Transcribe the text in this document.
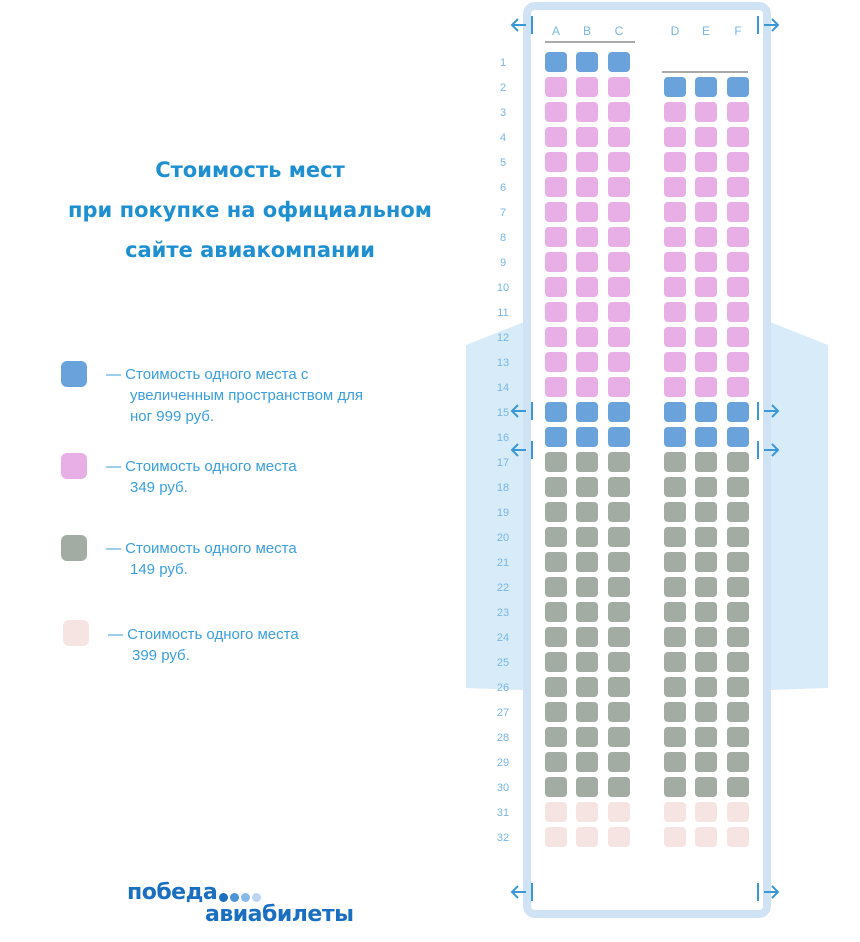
Стоимость мест
при покупке на официальном
сайте авиакомпании
— Стоимость одного места с
увеличенным пространством для
ног 999 руб.
— Стоимость одного места
349 руб.
— Стоимость одного места
149 руб.
— Стоимость одного места
399 руб.
победа
авиабилеты
A B C	D E F
1
2
3
4
5
6
7
8
9
10
11
12
13
14
15
16
17
18
19
20
21
22
23
24
25
26
27
28
29
30
31
32
